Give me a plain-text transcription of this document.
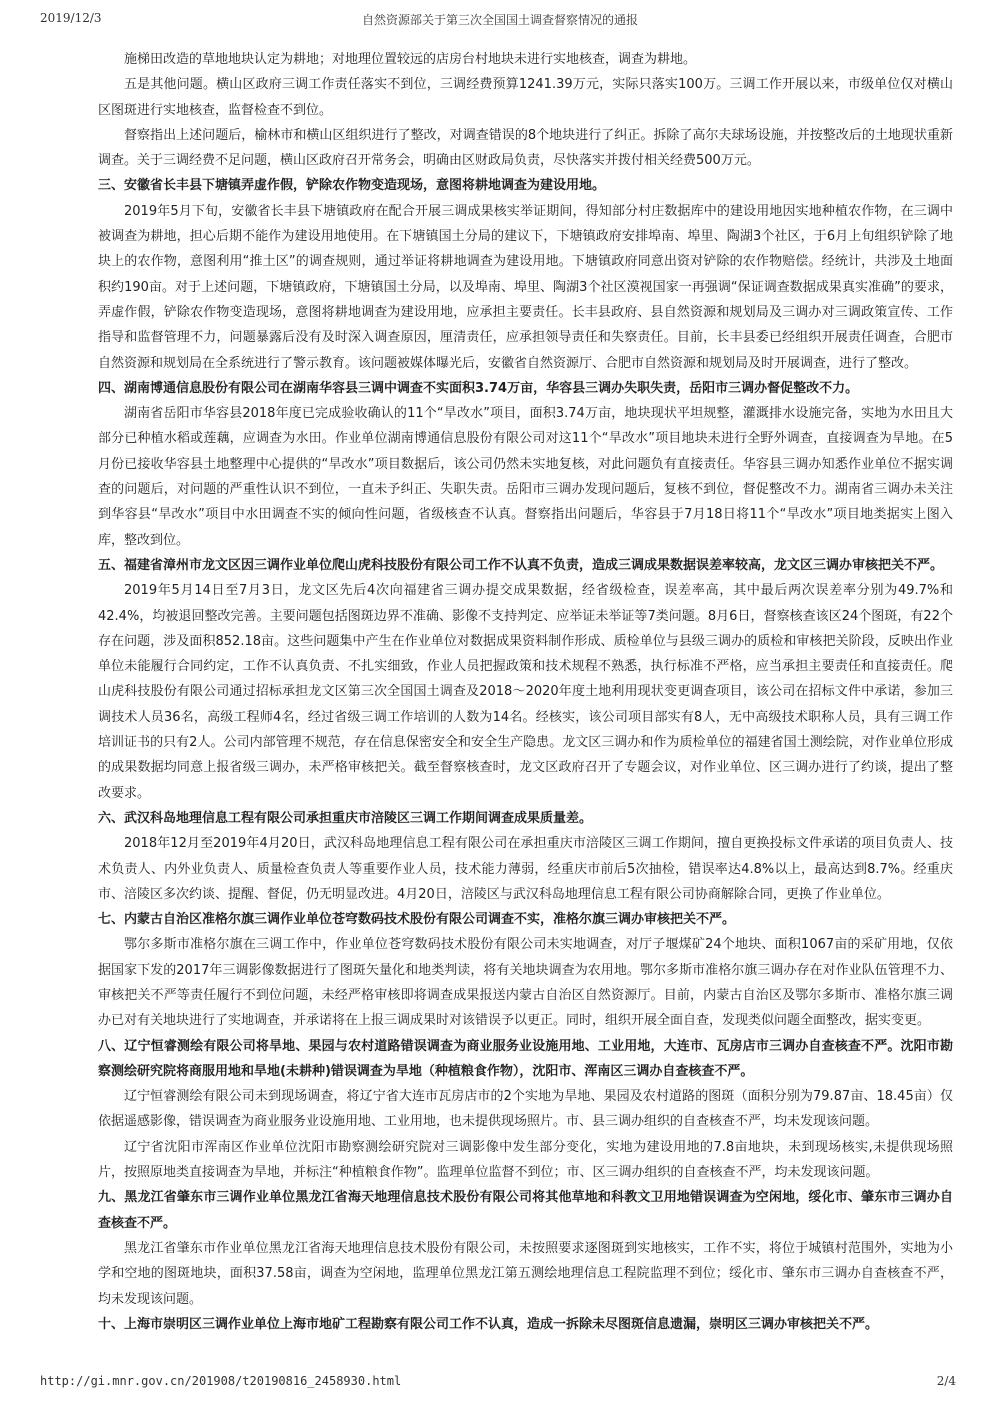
2019/12/3	自然资源部关于第三次全国国土调查督察情况的通报

施梯田改造的草地地块认定为耕地；对地理位置较远的店房台村地块未进行实地核查，调查为耕地。

五是其他问题。横山区政府三调工作责任落实不到位，三调经费预算1241.39万元，实际只落实100万。三调工作开展以来，市级单位仅对横山区图斑进行实地核查，监督检查不到位。

督察指出上述问题后，榆林市和横山区组织进行了整改，对调查错误的8个地块进行了纠正。拆除了高尔夫球场设施，并按整改后的土地现状重新调查。关于三调经费不足问题，横山区政府召开常务会，明确由区财政局负责，尽快落实并拨付相关经费500万元。

三、安徽省长丰县下塘镇弄虚作假，铲除农作物变造现场，意图将耕地调查为建设用地。

2019年5月下旬，安徽省长丰县下塘镇政府在配合开展三调成果核实举证期间，得知部分村庄数据库中的建设用地因实地种植农作物，在三调中被调查为耕地，担心后期不能作为建设用地使用。在下塘镇国土分局的建议下，下塘镇政府安排埠南、埠里、陶湖3个社区，于6月上旬组织铲除了地块上的农作物，意图利用“推土区”的调查规则，通过举证将耕地调查为建设用地。下塘镇政府同意出资对铲除的农作物赔偿。经统计，共涉及土地面积约190亩。对于上述问题，下塘镇政府，下塘镇国土分局，以及埠南、埠里、陶湖3个社区漠视国家一再强调“保证调查数据成果真实准确”的要求，弄虚作假，铲除农作物变造现场，意图将耕地调查为建设用地，应承担主要责任。长丰县政府、县自然资源和规划局及三调办对三调政策宣传、工作指导和监督管理不力，问题暴露后没有及时深入调查原因，厘清责任，应承担领导责任和失察责任。目前，长丰县委已经组织开展责任调查，合肥市自然资源和规划局在全系统进行了警示教育。该问题被媒体曝光后，安徽省自然资源厅、合肥市自然资源和规划局及时开展调查，进行了整改。

四、湖南博通信息股份有限公司在湖南华容县三调中调查不实面积3.74万亩，华容县三调办失职失责，岳阳市三调办督促整改不力。

湖南省岳阳市华容县2018年度已完成验收确认的11个“旱改水”项目，面积3.74万亩，地块现状平坦规整，灌溉排水设施完备，实地为水田且大部分已种植水稻或莲藕，应调查为水田。作业单位湖南博通信息股份有限公司对这11个“旱改水”项目地块未进行全野外调查，直接调查为旱地。在5月份已接收华容县土地整理中心提供的“旱改水”项目数据后，该公司仍然未实地复核，对此问题负有直接责任。华容县三调办知悉作业单位不据实调查的问题后，对问题的严重性认识不到位，一直未予纠正、失职失责。岳阳市三调办发现问题后，复核不到位，督促整改不力。湖南省三调办未关注到华容县“旱改水”项目中水田调查不实的倾向性问题，省级核查不认真。督察指出问题后，华容县于7月18日将11个“旱改水”项目地类据实上图入库，整改到位。

五、福建省漳州市龙文区因三调作业单位爬山虎科技股份有限公司工作不认真不负责，造成三调成果数据误差率较高，龙文区三调办审核把关不严。

2019年5月14日至7月3日，龙文区先后4次向福建省三调办提交成果数据，经省级检查，误差率高，其中最后两次误差率分别为49.7%和42.4%，均被退回整改完善。主要问题包括图斑边界不准确、影像不支持判定、应举证未举证等7类问题。8月6日，督察核查该区24个图斑，有22个存在问题，涉及面积852.18亩。这些问题集中产生在作业单位对数据成果资料制作形成、质检单位与县级三调办的质检和审核把关阶段，反映出作业单位未能履行合同约定，工作不认真负责、不扎实细致，作业人员把握政策和技术规程不熟悉，执行标准不严格，应当承担主要责任和直接责任。爬山虎科技股份有限公司通过招标承担龙文区第三次全国国土调查及2018～2020年度土地利用现状变更调查项目，该公司在招标文件中承诺，参加三调技术人员36名，高级工程师4名，经过省级三调工作培训的人数为14名。经核实，该公司项目部实有8人，无中高级技术职称人员，具有三调工作培训证书的只有2人。公司内部管理不规范，存在信息保密安全和安全生产隐患。龙文区三调办和作为质检单位的福建省国土测绘院，对作业单位形成的成果数据均同意上报省级三调办，未严格审核把关。截至督察核查时，龙文区政府召开了专题会议，对作业单位、区三调办进行了约谈，提出了整改要求。

六、武汉科岛地理信息工程有限公司承担重庆市涪陵区三调工作期间调查成果质量差。

2018年12月至2019年4月20日，武汉科岛地理信息工程有限公司在承担重庆市涪陵区三调工作期间，擅自更换投标文件承诺的项目负责人、技术负责人、内外业负责人、质量检查负责人等重要作业人员，技术能力薄弱，经重庆市前后5次抽检，错误率达4.8%以上，最高达到8.7%。经重庆市、涪陵区多次约谈、提醒、督促，仍无明显改进。4月20日，涪陵区与武汉科岛地理信息工程有限公司协商解除合同，更换了作业单位。

七、内蒙古自治区准格尔旗三调作业单位苍穹数码技术股份有限公司调查不实，准格尔旗三调办审核把关不严。

鄂尔多斯市准格尔旗在三调工作中，作业单位苍穹数码技术股份有限公司未实地调查，对厅子堰煤矿24个地块、面积1067亩的采矿用地，仅依据国家下发的2017年三调影像数据进行了图斑矢量化和地类判读，将有关地块调查为农用地。鄂尔多斯市准格尔旗三调办存在对作业队伍管理不力、审核把关不严等责任履行不到位问题，未经严格审核即将调查成果报送内蒙古自治区自然资源厅。目前，内蒙古自治区及鄂尔多斯市、准格尔旗三调办已对有关地块进行了实地调查，并承诺将在上报三调成果时对该错误予以更正。同时，组织开展全面自查，发现类似问题全面整改，据实变更。

八、辽宁恒睿测绘有限公司将旱地、果园与农村道路错误调查为商业服务业设施用地、工业用地，大连市、瓦房店市三调办自查核查不严。沈阳市勘察测绘研究院将商服用地和旱地(未耕种)错误调查为旱地（种植粮食作物），沈阳市、浑南区三调办自查核查不严。

辽宁恒睿测绘有限公司未到现场调查，将辽宁省大连市瓦房店市的2个实地为旱地、果园及农村道路的图斑（面积分别为79.87亩、18.45亩）仅依据遥感影像，错误调查为商业服务业设施用地、工业用地，也未提供现场照片。市、县三调办组织的自查核查不严，均未发现该问题。

辽宁省沈阳市浑南区作业单位沈阳市勘察测绘研究院对三调影像中发生部分变化，实地为建设用地的7.8亩地块，未到现场核实,未提供现场照片，按照原地类直接调查为旱地，并标注“种植粮食作物”。监理单位监督不到位；市、区三调办组织的自查核查不严，均未发现该问题。

九、黑龙江省肇东市三调作业单位黑龙江省海天地理信息技术股份有限公司将其他草地和科教文卫用地错误调查为空闲地，绥化市、肇东市三调办自查核查不严。

黑龙江省肇东市作业单位黑龙江省海天地理信息技术股份有限公司，未按照要求逐图斑到实地核实，工作不实，将位于城镇村范围外，实地为小学和空地的图斑地块，面积37.58亩，调查为空闲地，监理单位黑龙江第五测绘地理信息工程院监理不到位；绥化市、肇东市三调办自查核查不严，均未发现该问题。

十、上海市崇明区三调作业单位上海市地矿工程勘察有限公司工作不认真，造成一拆除未尽图斑信息遗漏，崇明区三调办审核把关不严。

http://gi.mnr.gov.cn/201908/t20190816_2458930.html	2/4
